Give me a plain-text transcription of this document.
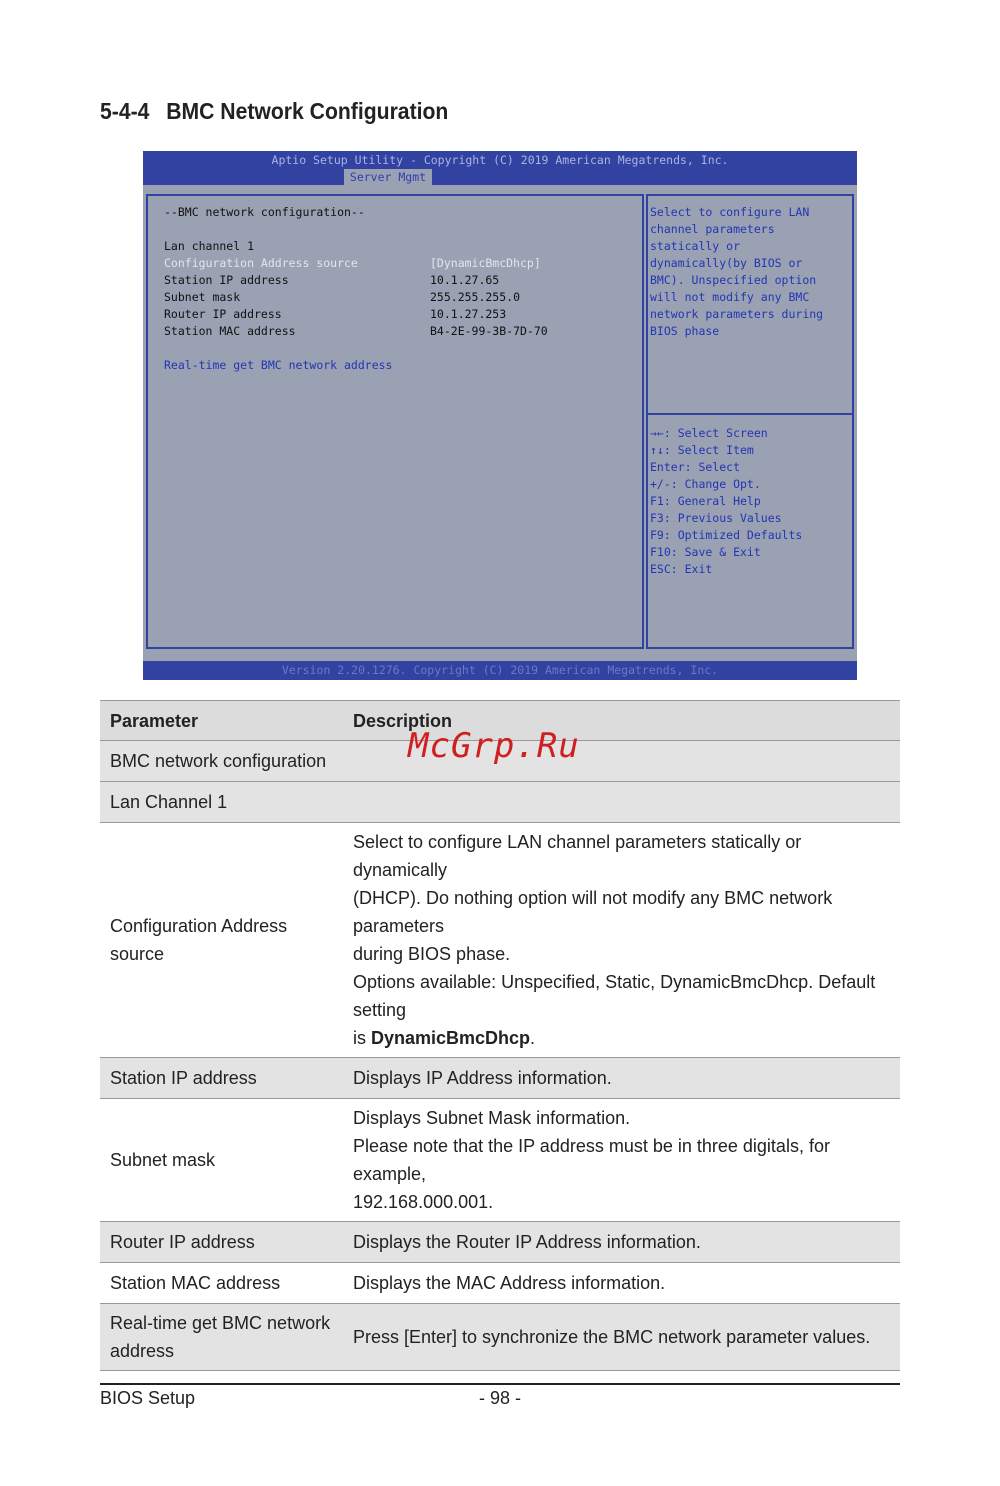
5-4-4 BMC Network Configuration
Aptio Setup Utility - Copyright (C) 2019 American Megatrends, Inc.
Server Mgmt
--BMC network configuration--
Lan channel 1
Configuration Address source	[DynamicBmcDhcp]
Station IP address	10.1.27.65
Subnet mask	255.255.255.0
Router IP address	10.1.27.253
Station MAC address	B4-2E-99-3B-7D-70
Real-time get BMC network address
Select to configure LAN
channel parameters
statically or
dynamically(by BIOS or
BMC). Unspecified option
will not modify any BMC
network parameters during
BIOS phase
→←: Select Screen
↑↓: Select Item
Enter: Select
+/-: Change Opt.
F1: General Help
F3: Previous Values
F9: Optimized Defaults
F10: Save & Exit
ESC: Exit
Version 2.20.1276. Copyright (C) 2019 American Megatrends, Inc.
Parameter	Description
BMC network configuration	
Lan Channel 1	
Configuration Address source	Select to configure LAN channel parameters statically or dynamically
(DHCP). Do nothing option will not modify any BMC network parameters
during BIOS phase.
Options available: Unspecified, Static, DynamicBmcDhcp. Default setting
is DynamicBmcDhcp.

Station IP address	Displays IP Address information.
Subnet mask	Displays Subnet Mask information.
Please note that the IP address must be in three digitals, for example,
192.168.000.001.

Router IP address	Displays the Router IP Address information.
Station MAC address	Displays the MAC Address information.

Real-time get BMC network
address	Press [Enter] to synchronize the BMC network parameter values.
McGrp.Ru
BIOS Setup	- 98 -
